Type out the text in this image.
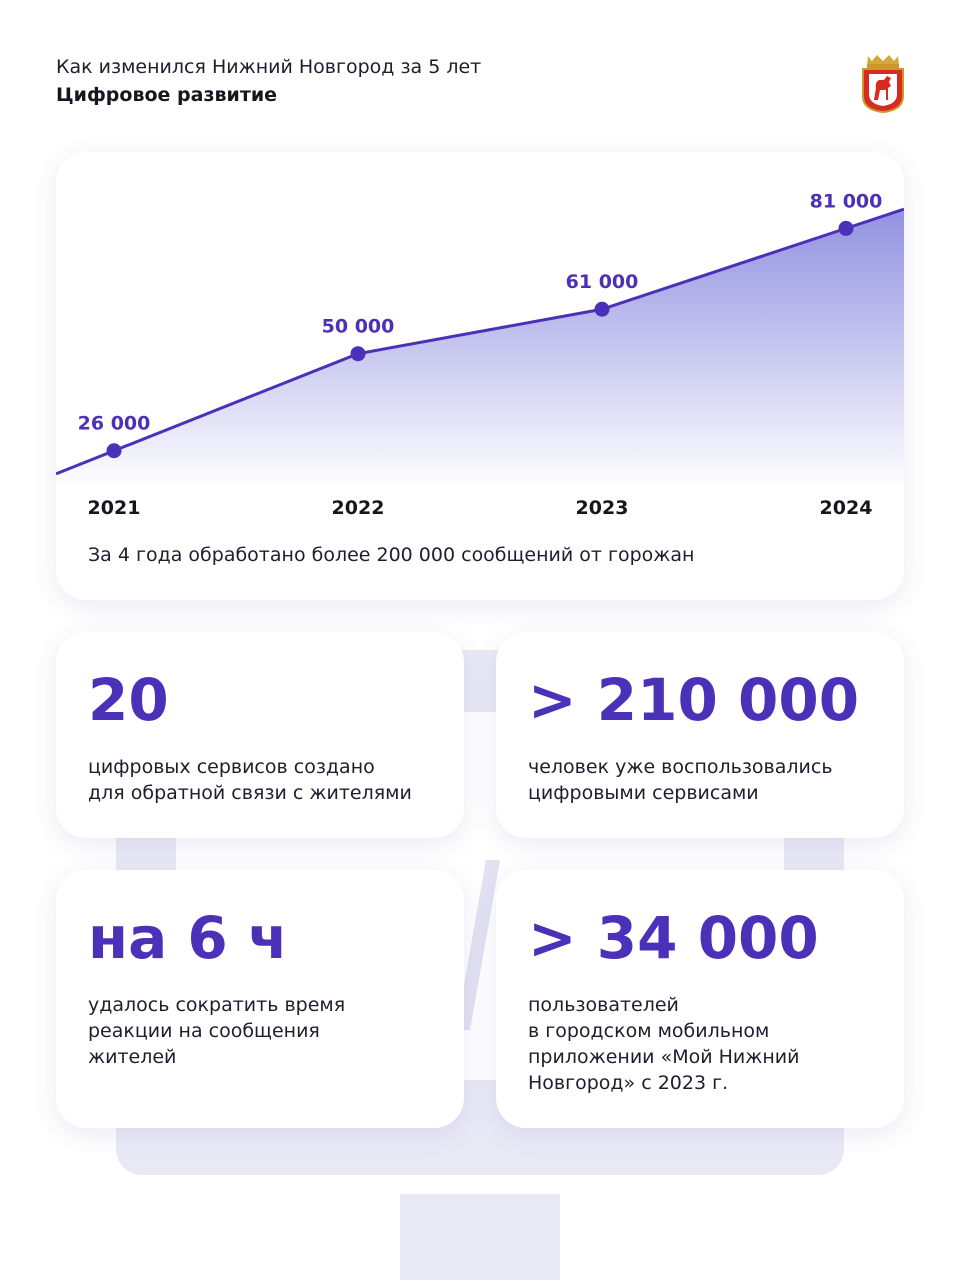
Как изменился Нижний Новгород за 5 лет
Цифровое развитие
26 000
2021
50 000
2022
61 000
2023
81 000
2024
За 4 года обработано более 200 000 сообщений от горожан
20
цифровых сервисов создано
для обратной связи с жителями
> 210 000
человек уже воспользовались
цифровыми сервисами
на 6 ч
удалось сократить время
реакции на сообщения
жителей
> 34 000
пользователей
в городском мобильном
приложении «Мой Нижний
Новгород» с 2023 г.
